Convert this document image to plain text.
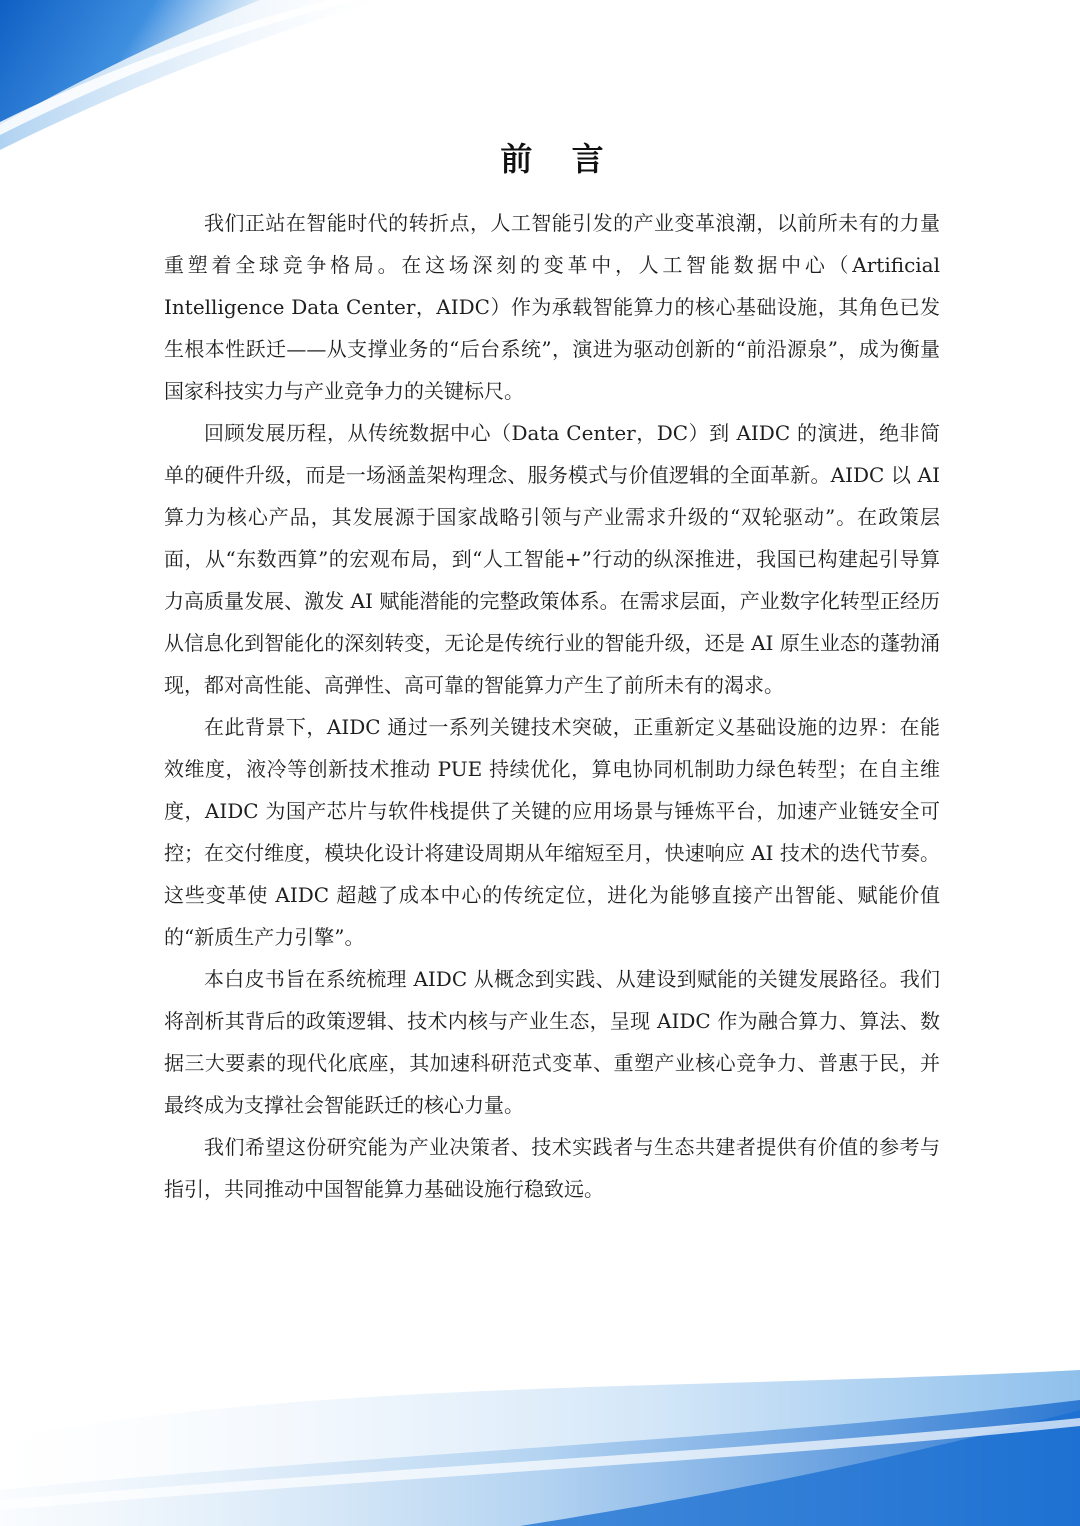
前 言

我们正站在智能时代的转折点，人工智能引发的产业变革浪潮，以前所未有的力量重塑着全球竞争格局。在这场深刻的变革中，人工智能数据中心（Artificial Intelligence Data Center，AIDC）作为承载智能算力的核心基础设施，其角色已发生根本性跃迁——从支撑业务的“后台系统”，演进为驱动创新的“前沿源泉”，成为衡量国家科技实力与产业竞争力的关键标尺。

回顾发展历程，从传统数据中心（Data Center，DC）到 AIDC 的演进，绝非简单的硬件升级，而是一场涵盖架构理念、服务模式与价值逻辑的全面革新。AIDC 以 AI 算力为核心产品，其发展源于国家战略引领与产业需求升级的“双轮驱动”。在政策层面，从“东数西算”的宏观布局，到“人工智能+”行动的纵深推进，我国已构建起引导算力高质量发展、激发 AI 赋能潜能的完整政策体系。在需求层面，产业数字化转型正经历从信息化到智能化的深刻转变，无论是传统行业的智能升级，还是 AI 原生业态的蓬勃涌现，都对高性能、高弹性、高可靠的智能算力产生了前所未有的渴求。

在此背景下，AIDC 通过一系列关键技术突破，正重新定义基础设施的边界：在能效维度，液冷等创新技术推动 PUE 持续优化，算电协同机制助力绿色转型；在自主维度，AIDC 为国产芯片与软件栈提供了关键的应用场景与锤炼平台，加速产业链安全可控；在交付维度，模块化设计将建设周期从年缩短至月，快速响应 AI 技术的迭代节奏。这些变革使 AIDC 超越了成本中心的传统定位，进化为能够直接产出智能、赋能价值的“新质生产力引擎”。

本白皮书旨在系统梳理 AIDC 从概念到实践、从建设到赋能的关键发展路径。我们将剖析其背后的政策逻辑、技术内核与产业生态，呈现 AIDC 作为融合算力、算法、数据三大要素的现代化底座，其加速科研范式变革、重塑产业核心竞争力、普惠于民，并最终成为支撑社会智能跃迁的核心力量。

我们希望这份研究能为产业决策者、技术实践者与生态共建者提供有价值的参考与指引，共同推动中国智能算力基础设施行稳致远。
